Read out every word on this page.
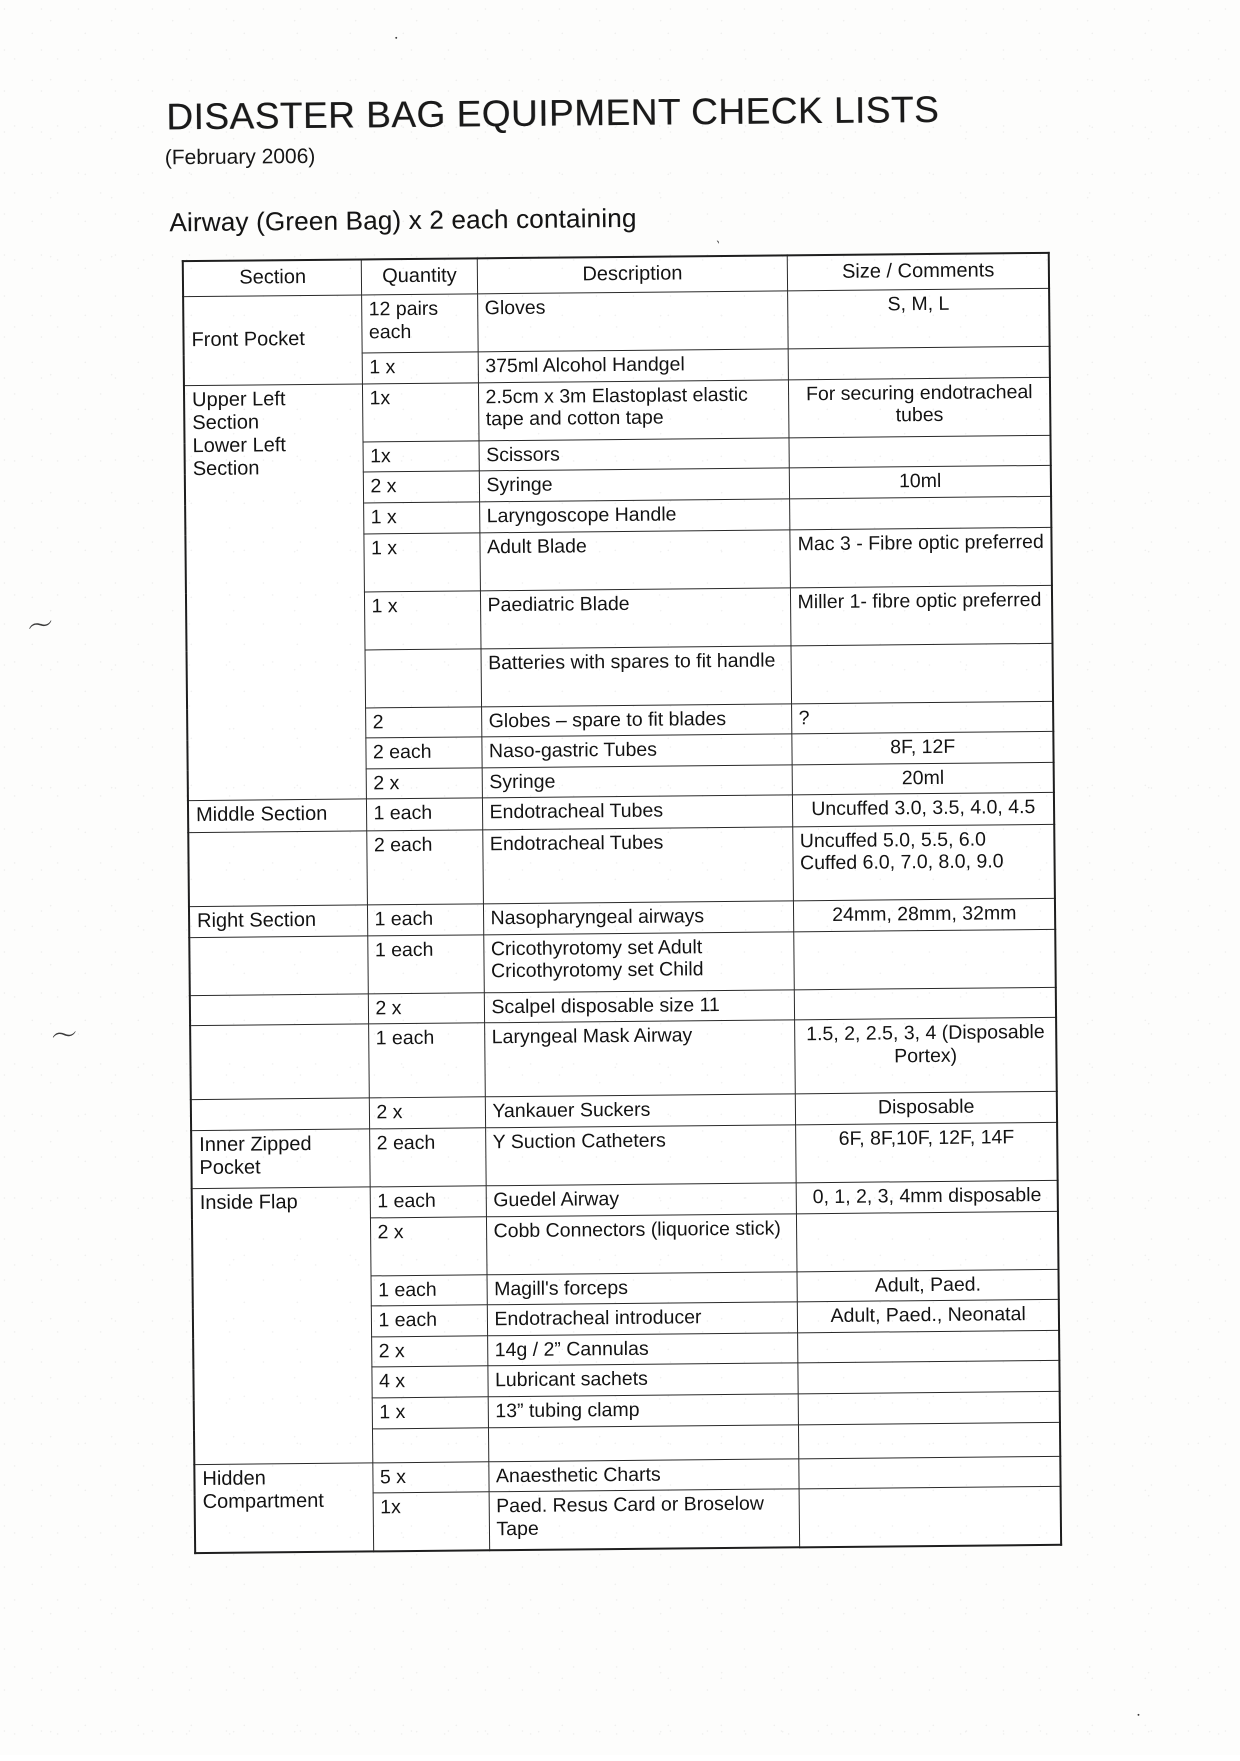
DISASTER BAG EQUIPMENT CHECK LISTS
(February 2006)
Airway (Green Bag) x 2 each containing
〜
〜
·
·
`
Section	Quantity	Description	Size / Comments
Front Pocket	12 pairs each	Gloves	S, M, L
	1 x	375ml Alcohol Handgel	

Upper Left Section
Lower Left Section	1x	2.5cm x 3m Elastoplast elastic tape and cotton tape	For securing endotracheal tubes
	1x	Scissors	
	2 x	Syringe	10ml
	1 x	Laryngoscope Handle	
	1 x	Adult Blade	Mac 3 - Fibre optic preferred
	1 x	Paediatric Blade	Miller 1- fibre optic preferred
		Batteries with spares to fit handle	
	2	Globes – spare to fit blades	?
	2 each	Naso-gastric Tubes	8F, 12F
	2 x	Syringe	20ml
Middle Section	1 each	Endotracheal Tubes	Uncuffed 3.0, 3.5, 4.0, 4.5
	2 each	Endotracheal Tubes	Uncuffed 5.0, 5.5, 6.0 Cuffed 6.0, 7.0, 8.0, 9.0
Right Section	1 each	Nasopharyngeal airways	24mm, 28mm, 32mm
	1 each	Cricothyrotomy set Adult Cricothyrotomy set Child	
	2 x	Scalpel disposable size 11	
	1 each	Laryngeal Mask Airway	1.5, 2, 2.5, 3, 4 (Disposable Portex)
	2 x	Yankauer Suckers	Disposable
Inner Zipped Pocket	2 each	Y Suction Catheters	6F, 8F,10F, 12F, 14F
Inside Flap	1 each	Guedel Airway	0, 1, 2, 3, 4mm disposable
	2 x	Cobb Connectors (liquorice stick)	
	1 each	Magill's forceps	Adult, Paed.
	1 each	Endotracheal introducer	Adult, Paed., Neonatal
	2 x	14g / 2” Cannulas	
	4 x	Lubricant sachets	
	1 x	13” tubing clamp	

Hidden Compartment	5 x	Anaesthetic Charts	
	1x	Paed. Resus Card or Broselow Tape	
